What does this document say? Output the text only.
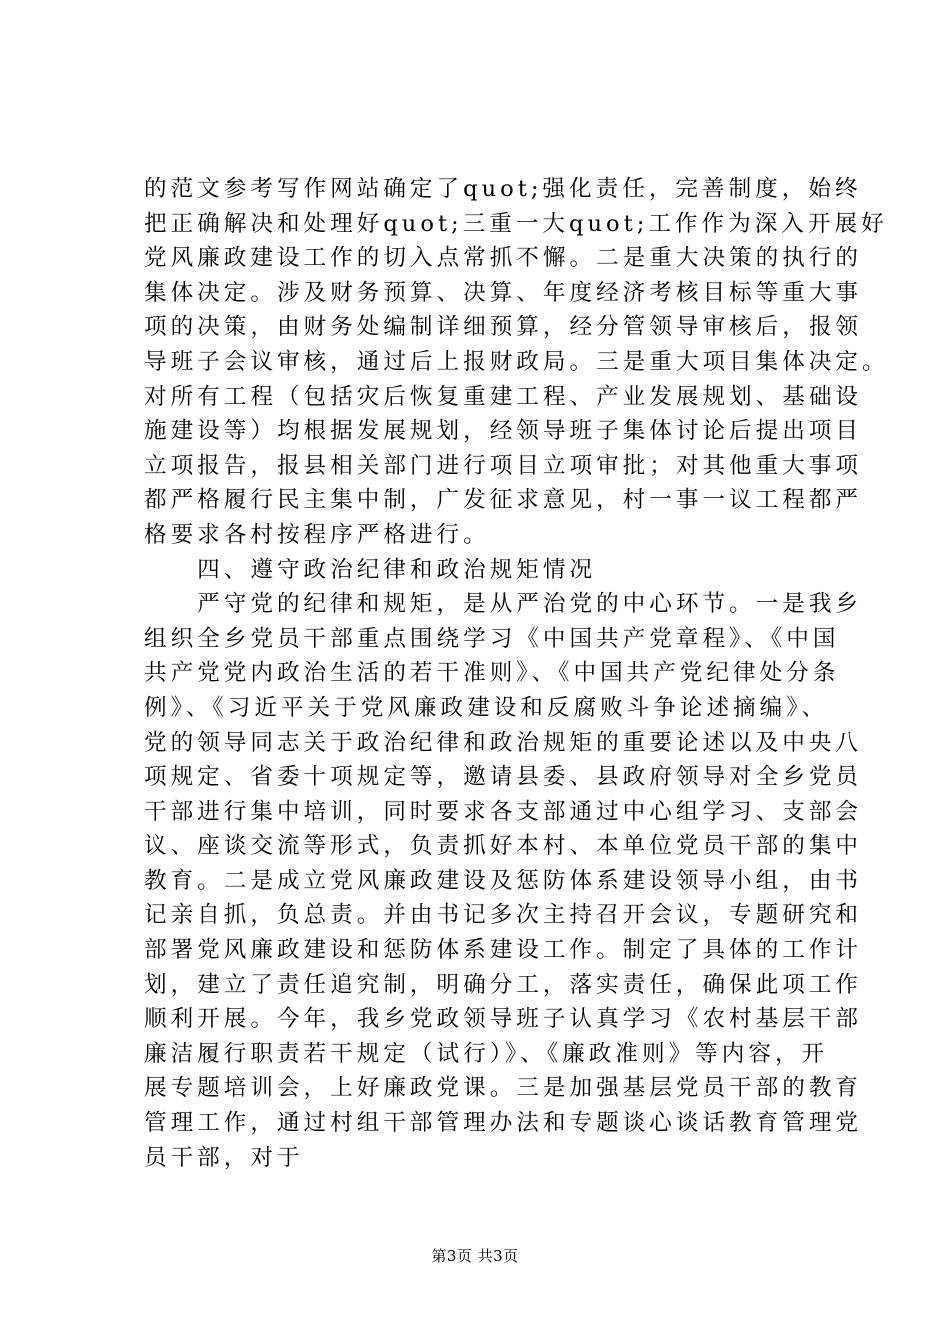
的范文参考写作网站确定了quot;强化责任，完善制度，始终
把正确解决和处理好quot;三重一大quot;工作作为深入开展好
党风廉政建设工作的切入点常抓不懈。二是重大决策的执行的
集体决定。涉及财务预算、决算、年度经济考核目标等重大事
项的决策，由财务处编制详细预算，经分管领导审核后，报领
导班子会议审核，通过后上报财政局。三是重大项目集体决定。
对所有工程（包括灾后恢复重建工程、产业发展规划、基础设
施建设等）均根据发展规划，经领导班子集体讨论后提出项目
立项报告，报县相关部门进行项目立项审批；对其他重大事项
都严格履行民主集中制，广发征求意见，村一事一议工程都严
格要求各村按程序严格进行。
　　四、遵守政治纪律和政治规矩情况
　　严守党的纪律和规矩，是从严治党的中心环节。一是我乡
组织全乡党员干部重点围绕学习《中国共产党章程》、《中国
共产党党内政治生活的若干准则》、《中国共产党纪律处分条
例》、《习近平关于党风廉政建设和反腐败斗争论述摘编》、
党的领导同志关于政治纪律和政治规矩的重要论述以及中央八
项规定、省委十项规定等，邀请县委、县政府领导对全乡党员
干部进行集中培训，同时要求各支部通过中心组学习、支部会
议、座谈交流等形式，负责抓好本村、本单位党员干部的集中
教育。二是成立党风廉政建设及惩防体系建设领导小组，由书
记亲自抓，负总责。并由书记多次主持召开会议，专题研究和
部署党风廉政建设和惩防体系建设工作。制定了具体的工作计
划，建立了责任追究制，明确分工，落实责任，确保此项工作
顺利开展。今年，我乡党政领导班子认真学习《农村基层干部
廉洁履行职责若干规定（试行）》、《廉政准则》等内容，开
展专题培训会，上好廉政党课。三是加强基层党员干部的教育
管理工作，通过村组干部管理办法和专题谈心谈话教育管理党
员干部，对于
第3页 共3页
